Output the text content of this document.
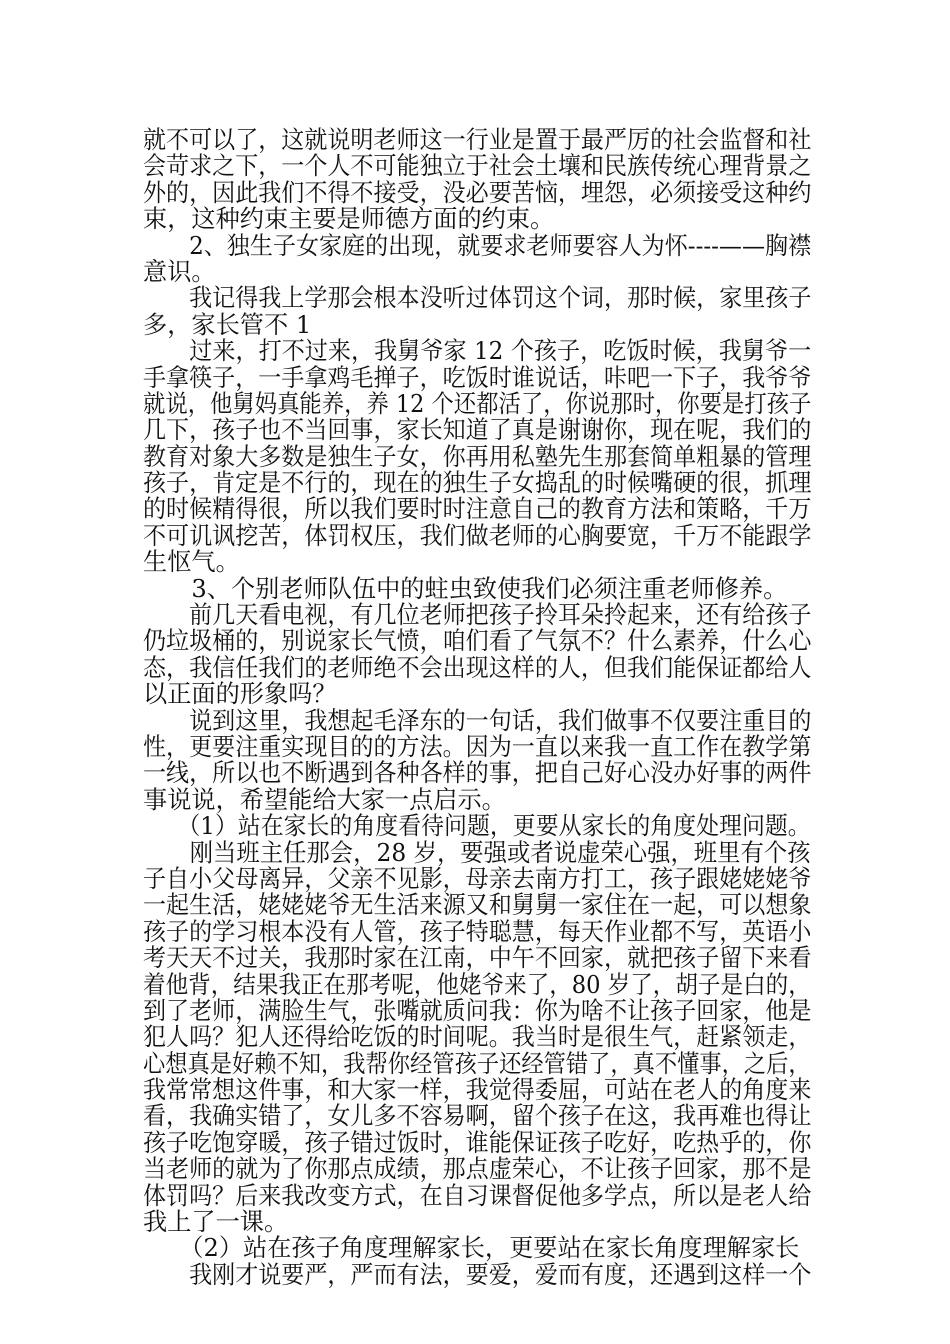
就不可以了，这就说明老师这一行业是置于最严厉的社会监督和社
会苛求之下，一个人不可能独立于社会土壤和民族传统心理背景之
外的，因此我们不得不接受，没必要苦恼，埋怨，必须接受这种约
束，这种约束主要是师德方面的约束。
　　2、独生子女家庭的出现，就要求老师要容人为怀----——胸襟
意识。
　　我记得我上学那会根本没听过体罚这个词，那时候，家里孩子
多，家长管不 1
　　过来，打不过来，我舅爷家 12 个孩子，吃饭时候，我舅爷一
手拿筷子，一手拿鸡毛掸子，吃饭时谁说话，咔吧一下子，我爷爷
就说，他舅妈真能养，养 12 个还都活了，你说那时，你要是打孩子
几下，孩子也不当回事，家长知道了真是谢谢你，现在呢，我们的
教育对象大多数是独生子女，你再用私塾先生那套简单粗暴的管理
孩子，肯定是不行的，现在的独生子女捣乱的时候嘴硬的很，抓理
的时候精得很，所以我们要时时注意自己的教育方法和策略，千万
不可讥讽挖苦，体罚权压，我们做老师的心胸要宽，千万不能跟学
生怄气。
　　3、个别老师队伍中的蛀虫致使我们必须注重老师修养。
　　前几天看电视，有几位老师把孩子拎耳朵拎起来，还有给孩子
仍垃圾桶的，别说家长气愤，咱们看了气氛不？什么素养，什么心
态，我信任我们的老师绝不会出现这样的人，但我们能保证都给人
以正面的形象吗？
　　说到这里，我想起毛泽东的一句话，我们做事不仅要注重目的
性，更要注重实现目的的方法。因为一直以来我一直工作在教学第
一线，所以也不断遇到各种各样的事，把自己好心没办好事的两件
事说说，希望能给大家一点启示。
　　（1）站在家长的角度看待问题，更要从家长的角度处理问题。
　　刚当班主任那会，28 岁，要强或者说虚荣心强，班里有个孩
子自小父母离异，父亲不见影，母亲去南方打工，孩子跟姥姥姥爷
一起生活，姥姥姥爷无生活来源又和舅舅一家住在一起，可以想象
孩子的学习根本没有人管，孩子特聪慧，每天作业都不写，英语小
考天天不过关，我那时家在江南，中午不回家，就把孩子留下来看
着他背，结果我正在那考呢，他姥爷来了，80 岁了，胡子是白的，
到了老师，满脸生气，张嘴就质问我：你为啥不让孩子回家，他是
犯人吗？犯人还得给吃饭的时间呢。我当时是很生气，赶紧领走，
心想真是好赖不知，我帮你经管孩子还经管错了，真不懂事，之后，
我常常想这件事，和大家一样，我觉得委屈，可站在老人的角度来
看，我确实错了，女儿多不容易啊，留个孩子在这，我再难也得让
孩子吃饱穿暖，孩子错过饭时，谁能保证孩子吃好，吃热乎的，你
当老师的就为了你那点成绩，那点虚荣心，不让孩子回家，那不是
体罚吗？后来我改变方式，在自习课督促他多学点，所以是老人给
我上了一课。
　　（2）站在孩子角度理解家长，更要站在家长角度理解家长
　　我刚才说要严，严而有法，要爱，爱而有度，还遇到这样一个
